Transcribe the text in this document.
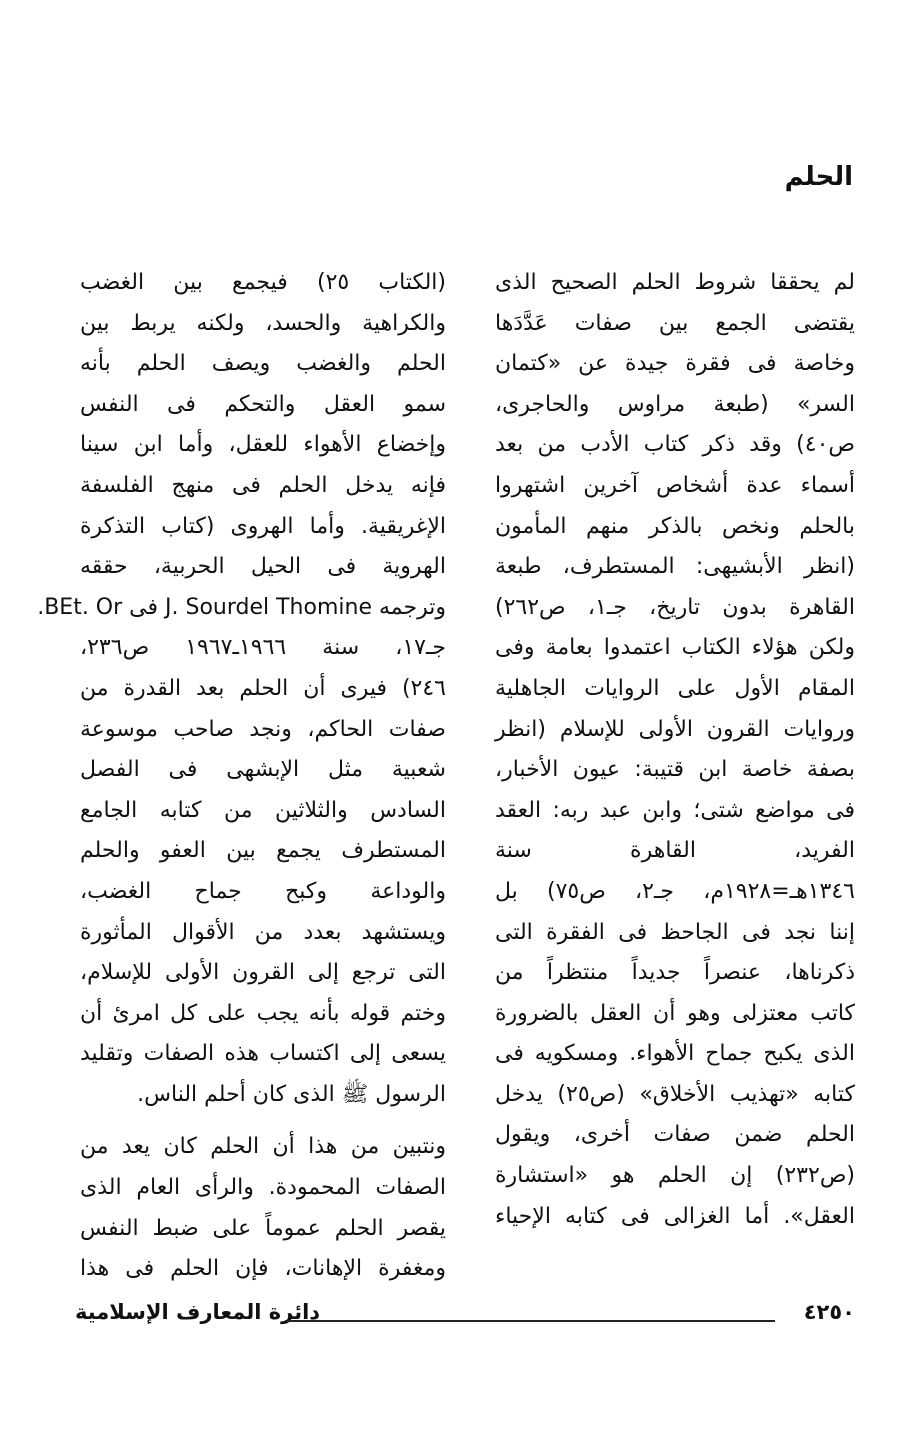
الحلم
لم يحققا شروط الحلم الصحيح الذى
يقتضى الجمع بين صفات عَدَّدَها
وخاصة فى فقرة جيدة عن «كتمان
السر» (طبعة مراوس والحاجرى،
ص٤٠) وقد ذكر كتاب الأدب من بعد
أسماء عدة أشخاص آخرين اشتهروا
بالحلم ونخص بالذكر منهم المأمون
(انظر الأبشيهى: المستطرف، طبعة
القاهرة بدون تاريخ، جـ١، ص٢٦٢)
ولكن هؤلاء الكتاب اعتمدوا بعامة وفى
المقام الأول على الروايات الجاهلية
وروايات القرون الأولى للإسلام (انظر
بصفة خاصة ابن قتيبة: عيون الأخبار،
فى مواضع شتى؛ وابن عبد ربه: العقد
الفريد، القاهرة سنة
١٣٤٦هـ=١٩٢٨م، جـ٢، ص٧٥) بل
إننا نجد فى الجاحظ فى الفقرة التى
ذكرناها، عنصراً جديداً منتظراً من
كاتب معتزلى وهو أن العقل بالضرورة
الذى يكبح جماح الأهواء. ومسكويه فى
كتابه «تهذيب الأخلاق» (ص٢٥) يدخل
الحلم ضمن صفات أخرى، ويقول
(ص٢٣٢) إن الحلم هو «استشارة
العقل». أما الغزالى فى كتابه الإحياء
(الكتاب ٢٥) فيجمع بين الغضب
والكراهية والحسد، ولكنه يربط بين
الحلم والغضب ويصف الحلم بأنه
سمو العقل والتحكم فى النفس
وإخضاع الأهواء للعقل، وأما ابن سينا
فإنه يدخل الحلم فى منهج الفلسفة
الإغريقية. وأما الهروى (كتاب التذكرة
الهروية فى الحيل الحربية، حققه
وترجمه J. Sourdel Thomine فى BEt. Or.
جـ١٧، سنة ١٩٦٦ـ١٩٦٧ ص٢٣٦،
٢٤٦) فيرى أن الحلم بعد القدرة من
صفات الحاكم، ونجد صاحب موسوعة
شعبية مثل الإبشهى فى الفصل
السادس والثلاثين من كتابه الجامع
المستطرف يجمع بين العفو والحلم
والوداعة وكبح جماح الغضب،
ويستشهد بعدد من الأقوال المأثورة
التى ترجع إلى القرون الأولى للإسلام،
وختم قوله بأنه يجب على كل امرئ أن
يسعى إلى اكتساب هذه الصفات وتقليد
الرسول ﷺ الذى كان أحلم الناس.
ونتبين من هذا أن الحلم كان يعد من
الصفات المحمودة. والرأى العام الذى
يقصر الحلم عموماً على ضبط النفس
ومغفرة الإهانات، فإن الحلم فى هذا
دائرة المعارف الإسلامية	٤٢٥٠
